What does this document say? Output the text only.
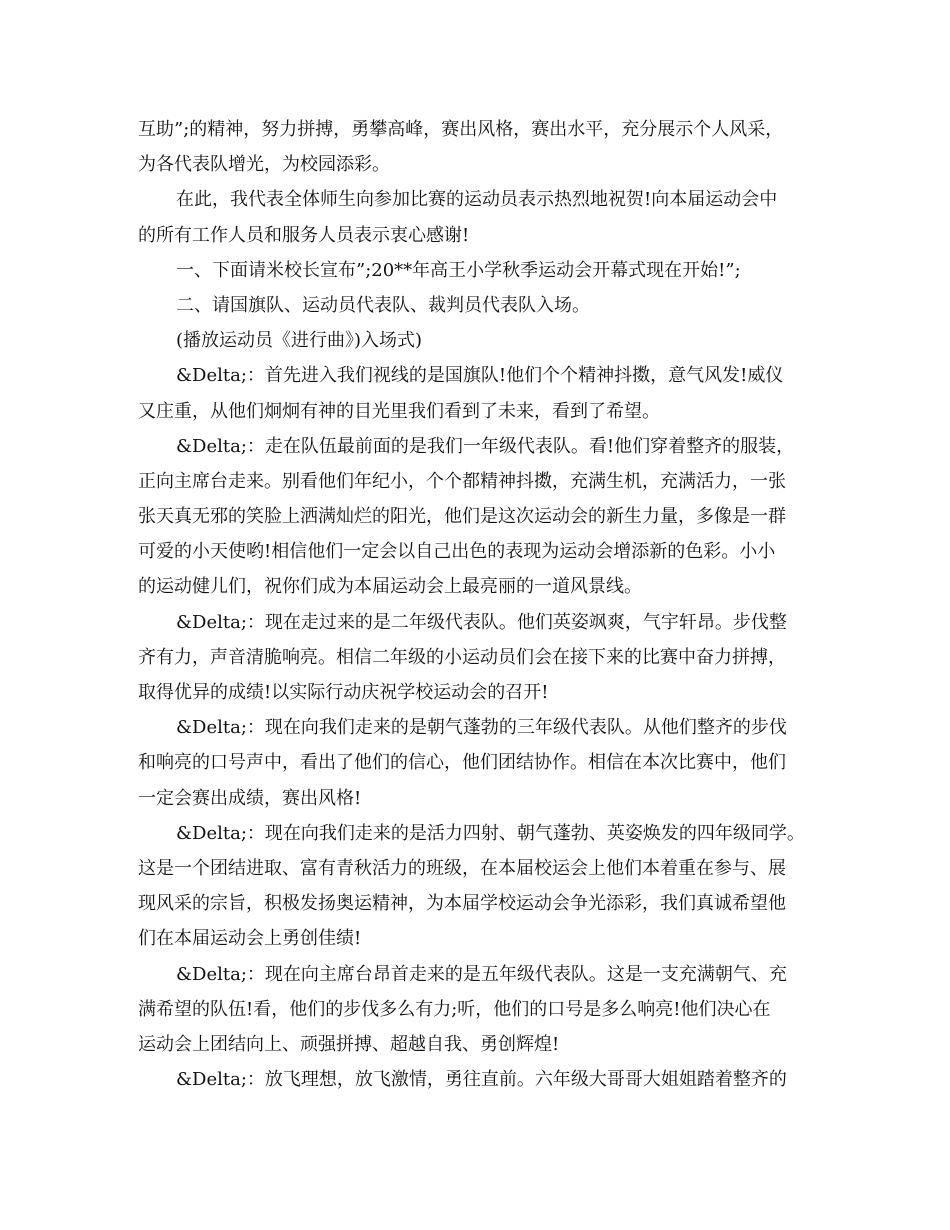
互助”;的精神，努力拼搏，勇攀高峰，赛出风格，赛出水平，充分展示个人风采，
为各代表队增光，为校园添彩。
在此，我代表全体师生向参加比赛的运动员表示热烈地祝贺!向本届运动会中
的所有工作人员和服务人员表示衷心感谢!
一、下面请米校长宣布”;20**年高王小学秋季运动会开幕式现在开始!”;
二、请国旗队、运动员代表队、裁判员代表队入场。
(播放运动员《进行曲》)入场式)
&Delta;：首先进入我们视线的是国旗队!他们个个精神抖擞，意气风发!威仪
又庄重，从他们炯炯有神的目光里我们看到了未来，看到了希望。
&Delta;：走在队伍最前面的是我们一年级代表队。看!他们穿着整齐的服装，
正向主席台走来。别看他们年纪小，个个都精神抖擞，充满生机，充满活力，一张
张天真无邪的笑脸上洒满灿烂的阳光，他们是这次运动会的新生力量，多像是一群
可爱的小天使哟!相信他们一定会以自己出色的表现为运动会增添新的色彩。小小
的运动健儿们，祝你们成为本届运动会上最亮丽的一道风景线。
&Delta;：现在走过来的是二年级代表队。他们英姿飒爽，气宇轩昂。步伐整
齐有力，声音清脆响亮。相信二年级的小运动员们会在接下来的比赛中奋力拼搏，
取得优异的成绩!以实际行动庆祝学校运动会的召开!
&Delta;：现在向我们走来的是朝气蓬勃的三年级代表队。从他们整齐的步伐
和响亮的口号声中，看出了他们的信心，他们团结协作。相信在本次比赛中，他们
一定会赛出成绩，赛出风格!
&Delta;：现在向我们走来的是活力四射、朝气蓬勃、英姿焕发的四年级同学。
这是一个团结进取、富有青秋活力的班级，在本届校运会上他们本着重在参与、展
现风采的宗旨，积极发扬奥运精神，为本届学校运动会争光添彩，我们真诚希望他
们在本届运动会上勇创佳绩!
&Delta;：现在向主席台昂首走来的是五年级代表队。这是一支充满朝气、充
满希望的队伍!看，他们的步伐多么有力;听，他们的口号是多么响亮!他们决心在
运动会上团结向上、顽强拼搏、超越自我、勇创辉煌!
&Delta;：放飞理想，放飞激情，勇往直前。六年级大哥哥大姐姐踏着整齐的
